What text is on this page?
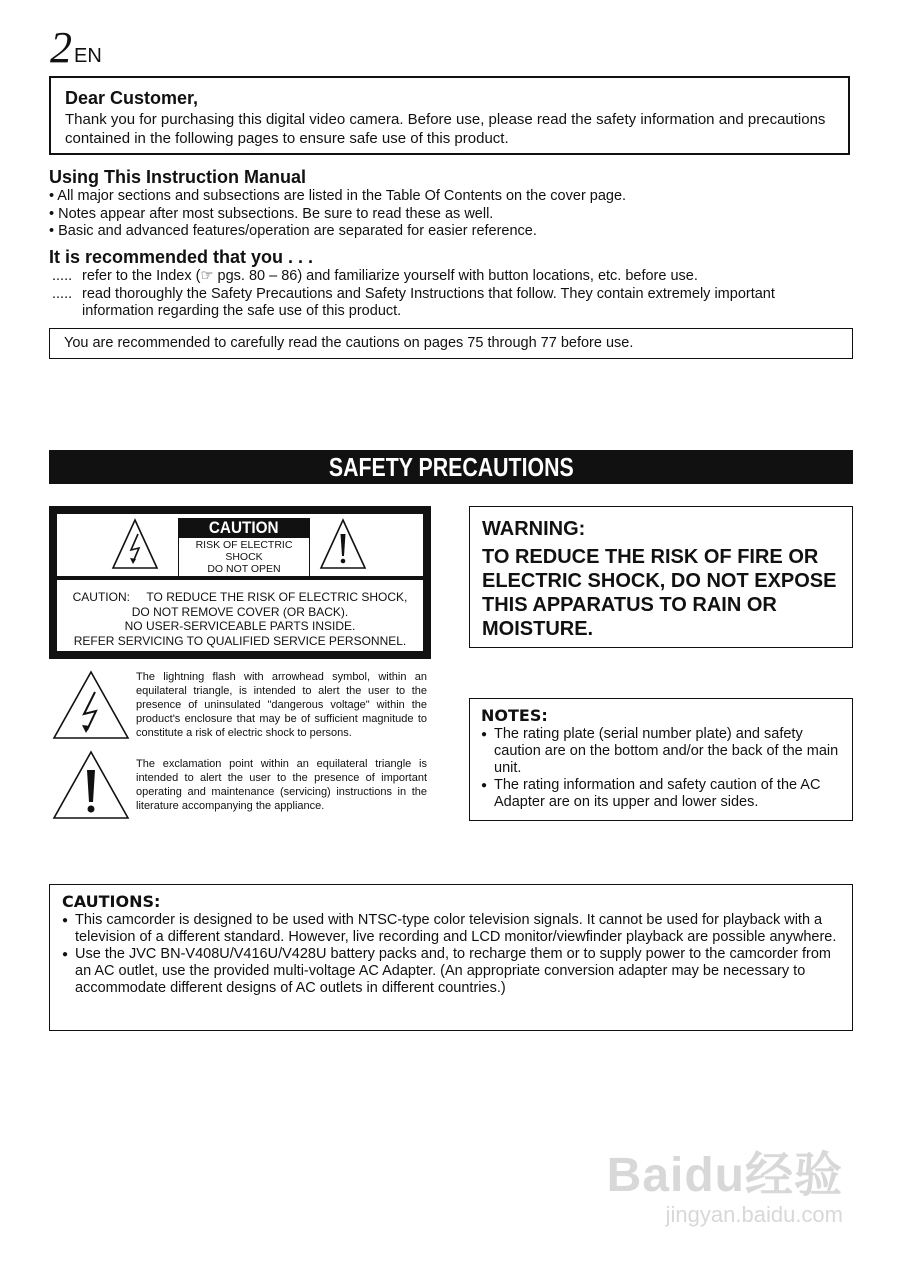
2 EN
Dear Customer,
Thank you for purchasing this digital video camera. Before use, please read the safety information and precautions contained in the following pages to ensure safe use of this product.
Using This Instruction Manual
• All major sections and subsections are listed in the Table Of Contents on the cover page.
• Notes appear after most subsections. Be sure to read these as well.
• Basic and advanced features/operation are separated for easier reference.
It is recommended that you . . .
..... refer to the Index (☞ pgs. 80 – 86) and familiarize yourself with button locations, etc. before use.
..... read thoroughly the Safety Precautions and Safety Instructions that follow. They contain extremely important
information regarding the safe use of this product.
You are recommended to carefully read the cautions on pages 75 through 77 before use.
SAFETY PRECAUTIONS
CAUTION
RISK OF ELECTRIC SHOCK
DO NOT OPEN
CAUTION:     TO REDUCE THE RISK OF ELECTRIC SHOCK,
DO NOT REMOVE COVER (OR BACK).
NO USER-SERVICEABLE PARTS INSIDE.
REFER SERVICING TO QUALIFIED SERVICE PERSONNEL.
The lightning flash with arrowhead symbol, within an equilateral triangle, is intended to alert the user to the presence of uninsulated "dangerous voltage" within the product's enclosure that may be of sufficient magnitude to constitute a risk of electric shock to persons.
The exclamation point within an equilateral triangle is intended to alert the user to the presence of important operating and maintenance (servicing) instructions in the literature accompanying the appliance.
WARNING:
TO REDUCE THE RISK OF FIRE OR ELECTRIC SHOCK, DO NOT EXPOSE THIS APPARATUS TO RAIN OR MOISTURE.
NOTES:
● The rating plate (serial number plate) and safety caution are on the bottom and/or the back of the main unit.
● The rating information and safety caution of the AC Adapter are on its upper and lower sides.
CAUTIONS:
● This camcorder is designed to be used with NTSC-type color television signals. It cannot be used for playback with a television of a different standard. However, live recording and LCD monitor/viewfinder playback are possible anywhere.
● Use the JVC BN-V408U/V416U/V428U battery packs and, to recharge them or to supply power to the camcorder from an AC outlet, use the provided multi-voltage AC Adapter. (An appropriate conversion adapter may be necessary to accommodate different designs of AC outlets in different countries.)
Baidu经验
jingyan.baidu.com
